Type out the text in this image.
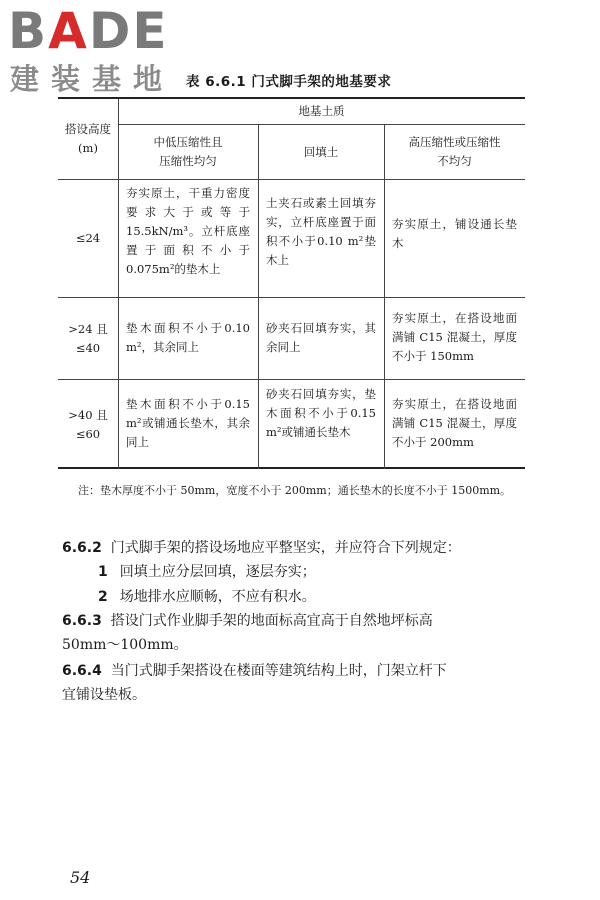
BADE
建装基地 表 6.6.1 门式脚手架的地基要求
搭设高度
(m)
地基土质
中低压缩性且
压缩性均匀
回填土
高压缩性或压缩性
不均匀
≤24
夯实原土，干重力密度要求大于或等于15.5kN/m³。立杆底座置于面积不小于0.075m²的垫木上
土夹石或素土回填夯实，立杆底座置于面积不小于0.10 m²垫木上
夯实原土，铺设通长垫木
>24 且
≤40
垫木面积不小于0.10 m²，其余同上
砂夹石回填夯实，其余同上
夯实原土，在搭设地面满铺 C15 混凝土，厚度不小于 150mm
>40 且
≤60
垫木面积不小于0.15 m²或铺通长垫木，其余同上
砂夹石回填夯实，垫木面积不小于0.15 m²或铺通长垫木
夯实原土，在搭设地面满铺 C15 混凝土，厚度不小于 200mm
注：垫木厚度不小于 50mm，宽度不小于 200mm；通长垫木的长度不小于 1500mm。
6.6.2 门式脚手架的搭设场地应平整坚实，并应符合下列规定：
1 回填土应分层回填，逐层夯实；
2 场地排水应顺畅，不应有积水。
6.6.3 搭设门式作业脚手架的地面标高宜高于自然地坪标高
50mm～100mm。
6.6.4 当门式脚手架搭设在楼面等建筑结构上时，门架立杆下
宜铺设垫板。
54
